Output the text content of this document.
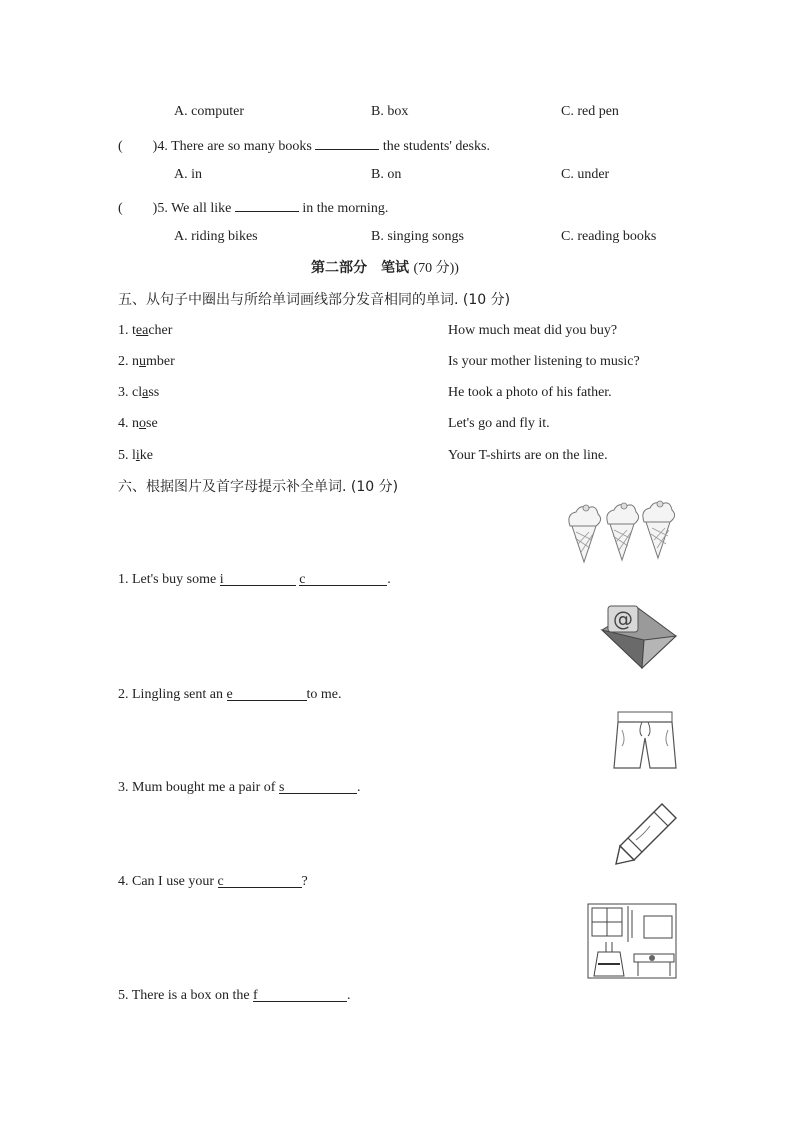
A. computer	B. box	C. red pen
( )4. There are so many books	the students' desks.
A. in	B. on	C. under
( )5. We all like	in the morning.
A. riding bikes	B. singing songs	C. reading books
第二部分　笔试 (70 分))
五、从句子中圈出与所给单词画线部分发音相同的单词. (10 分)
1. teacher	How much meat did you buy?
2. number	Is your mother listening to music?
3. class	He took a photo of his father.
4. nose	Let's go and fly it.
5. like	Your T-shirts are on the line.
六、根据图片及首字母提示补全单词. (10 分)
1. Let's buy some i	c	.
@
2. Lingling sent an e	to me.
3. Mum bought me a pair of s	.
4. Can I use your c	?
5. There is a box on the f	.
